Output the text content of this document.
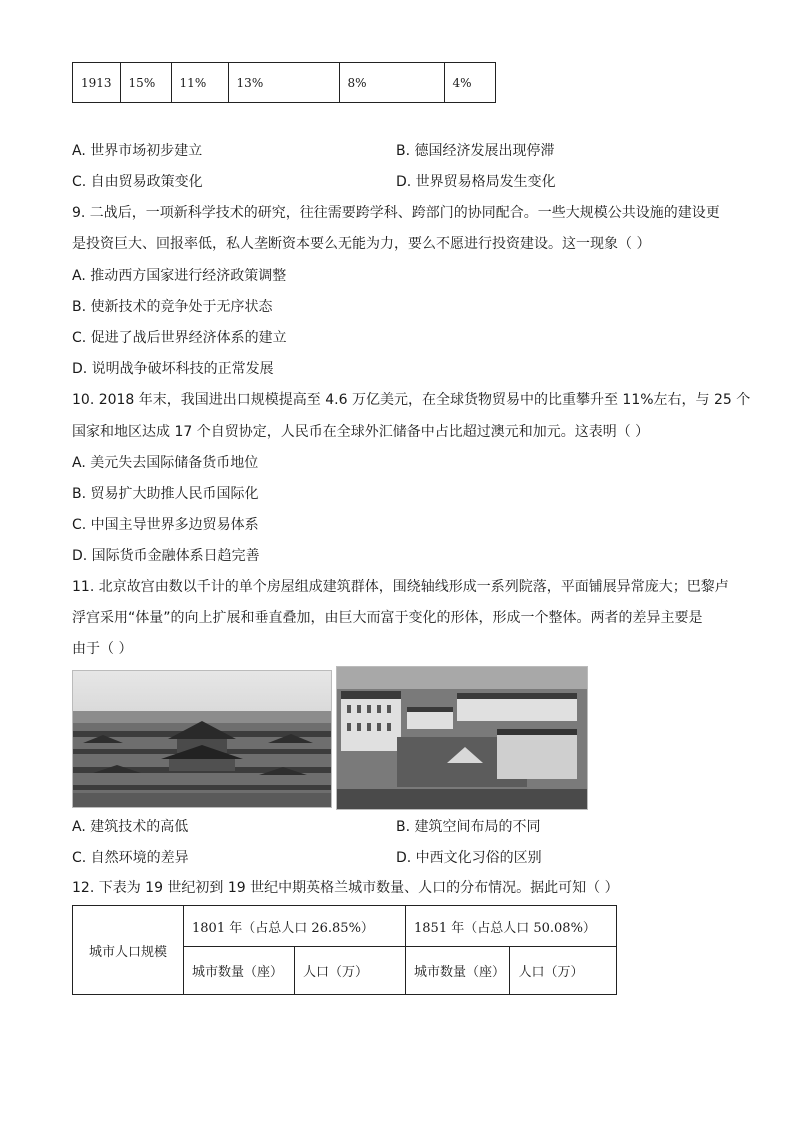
1913	15%	11%	13%	8%	4%
A. 世界市场初步建立	B. 德国经济发展出现停滞
C. 自由贸易政策变化	D. 世界贸易格局发生变化
9. 二战后，一项新科学技术的研究，往往需要跨学科、跨部门的协同配合。一些大规模公共设施的建设更
是投资巨大、回报率低，私人垄断资本要么无能为力，要么不愿进行投资建设。这一现象（ ）
A. 推动西方国家进行经济政策调整
B. 使新技术的竞争处于无序状态
C. 促进了战后世界经济体系的建立
D. 说明战争破坏科技的正常发展
10. 2018 年末，我国进出口规模提高至 4.6 万亿美元，在全球货物贸易中的比重攀升至 11%左右，与 25 个
国家和地区达成 17 个自贸协定，人民币在全球外汇储备中占比超过澳元和加元。这表明（ ）
A. 美元失去国际储备货币地位
B. 贸易扩大助推人民币国际化
C. 中国主导世界多边贸易体系
D. 国际货币金融体系日趋完善
11. 北京故宫由数以千计的单个房屋组成建筑群体，围绕轴线形成一系列院落，平面铺展异常庞大；巴黎卢
浮宫采用“体量”的向上扩展和垂直叠加，由巨大而富于变化的形体，形成一个整体。两者的差异主要是
由于（ ）
A. 建筑技术的高低	B. 建筑空间布局的不同
C. 自然环境的差异	D. 中西文化习俗的区别
12. 下表为 19 世纪初到 19 世纪中期英格兰城市数量、人口的分布情况。据此可知（ ）
城市人口规模	1801 年（占总人口 26.85%）		1851 年（占总人口 50.08%）	
	城市数量（座）	人口（万）	城市数量（座）	人口（万）
